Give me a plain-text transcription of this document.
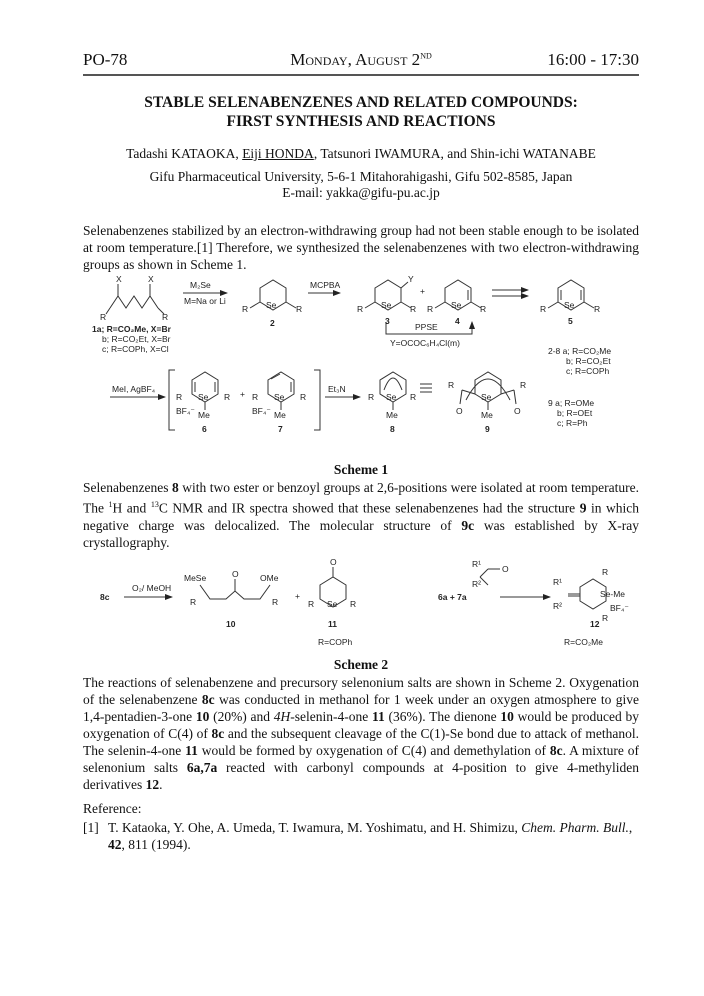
PO-78	Monday, August 2ND	16:00 - 17:30
STABLE SELENABENZENES AND RELATED COMPOUNDS:
FIRST SYNTHESIS AND REACTIONS
Tadashi KATAOKA, Eiji HONDA, Tatsunori IWAMURA, and Shin-ichi WATANABE
Gifu Pharmaceutical University, 5-6-1 Mitahorahigashi, Gifu 502-8585, Japan
E-mail: yakka@gifu-pu.ac.jp
Selenabenzenes stabilized by an electron-withdrawing group had not been stable enough to be isolated at room temperature.[1] Therefore, we synthesized the selenabenzenes with two electron-withdrawing groups as shown in Scheme 1.
X	X
R	R
1a; R=CO₂Me, X=Br
b; R=CO₂Et, X=Br
c; R=COPh, X=Cl
M₂Se
M=Na or Li	Se
R	R
2
MCPBA
Se
R	R
Y
3
+
Se
R	R
4
PPSE
Y=OCOC₆H₄Cl(m)
Se
R	R
5
2-8 a; R=CO₂Me
b; R=CO₂Et
c; R=COPh
MeI, AgBF₄
Se
R	R
BF₄⁻ Me
6
+	Se
R	R
BF₄⁻ Me
7
Et₃N
Se
R	R
Me
8
Se
R	R
O	O
Me
9
9 a; R=OMe
b; R=OEt
c; R=Ph
Scheme 1
Selenabenzenes 8 with two ester or benzoyl groups at 2,6-positions were isolated at room temperature. The $^1$H and $^{13}$C NMR and IR spectra showed that these selenabenzenes had the structure 9 in which negative charge was delocalized. The molecular structure of 9c was established by X-ray crystallography.
8c
O₂/ MeOH
MeSe	O	OMe
R	R
10
+
O
Se
R	R
11
R=COPh
6a + 7a
R¹ O
R²	R¹
R²
Se‑Me
BF₄⁻
R
R
12
R=CO₂Me
Scheme 2
The reactions of selenabenzene and precursory selenonium salts are shown in Scheme 2. Oxygenation of the selenabenzene 8c was conducted in methanol for 1 week under an oxygen atmosphere to give 1,4-pentadien-3-one 10 (20%) and 4H-selenin-4-one 11 (36%). The dienone 10 would be produced by oxygenation of C(4) of 8c and the subsequent cleavage of the C(1)-Se bond due to attack of methanol. The selenin-4-one 11 would be formed by oxygenation of C(4) and demethylation of 8c. A mixture of selenonium salts 6a,7a reacted with carbonyl compounds at 4-position to give 4-methyliden derivatives 12.
Reference:
[1] T. Kataoka, Y. Ohe, A. Umeda, T. Iwamura, M. Yoshimatu, and H. Shimizu, Chem. Pharm. Bull., 42, 811 (1994).
